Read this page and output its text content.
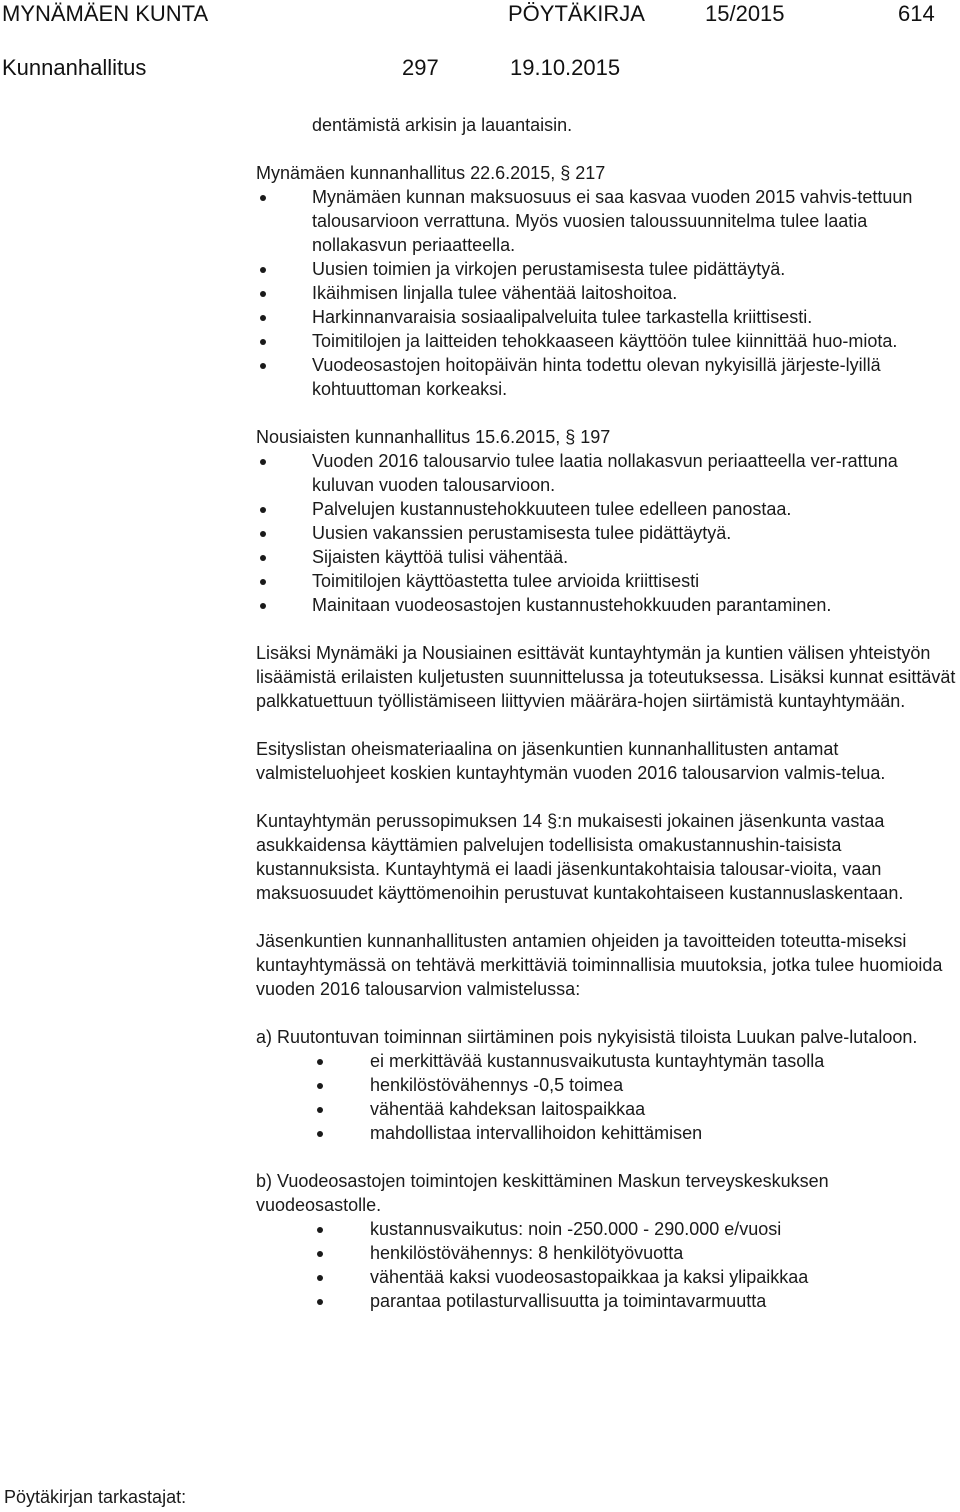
MYNÄMÄEN KUNTA	PÖYTÄKIRJA	15/2015	614
Kunnanhallitus	297	19.10.2015

dentämistä arkisin ja lauantaisin.

Mynämäen kunnanhallitus 22.6.2015, § 217

Mynämäen kunnan maksuosuus ei saa kasvaa vuoden 2015 vahvis-tettuun talousarvioon verrattuna. Myös vuosien taloussuunnitelma tulee laatia nollakasvun periaatteella.
Uusien toimien ja virkojen perustamisesta tulee pidättäytyä.
Ikäihmisen linjalla tulee vähentää laitoshoitoa.
Harkinnanvaraisia sosiaalipalveluita tulee tarkastella kriittisesti.
Toimitilojen ja laitteiden tehokkaaseen käyttöön tulee kiinnittää huo-miota.
Vuodeosastojen hoitopäivän hinta todettu olevan nykyisillä järjeste-lyillä kohtuuttoman korkeaksi.

Nousiaisten kunnanhallitus 15.6.2015, § 197

Vuoden 2016 talousarvio tulee laatia nollakasvun periaatteella ver-rattuna kuluvan vuoden talousarvioon.
Palvelujen kustannustehokkuuteen tulee edelleen panostaa.
Uusien vakanssien perustamisesta tulee pidättäytyä.
Sijaisten käyttöä tulisi vähentää.
Toimitilojen käyttöastetta tulee arvioida kriittisesti
Mainitaan vuodeosastojen kustannustehokkuuden parantaminen.

Lisäksi Mynämäki ja Nousiainen esittävät kuntayhtymän ja kuntien välisen yhteistyön lisäämistä erilaisten kuljetusten suunnittelussa ja toteutuksessa. Lisäksi kunnat esittävät palkkatuettuun työllistämiseen liittyvien määrära-hojen siirtämistä kuntayhtymään.

Esityslistan oheismateriaalina on jäsenkuntien kunnanhallitusten antamat valmisteluohjeet koskien kuntayhtymän vuoden 2016 talousarvion valmis-telua.

Kuntayhtymän perussopimuksen 14 §:n mukaisesti jokainen jäsenkunta vastaa asukkaidensa käyttämien palvelujen todellisista omakustannushin-taisista kustannuksista. Kuntayhtymä ei laadi jäsenkuntakohtaisia talousar-vioita, vaan maksuosuudet käyttömenoihin perustuvat kuntakohtaiseen kustannuslaskentaan.

Jäsenkuntien kunnanhallitusten antamien ohjeiden ja tavoitteiden toteutta-miseksi kuntayhtymässä on tehtävä merkittäviä toiminnallisia muutoksia, jotka tulee huomioida vuoden 2016 talousarvion valmistelussa:

a) Ruutontuvan toiminnan siirtäminen pois nykyisistä tiloista Luukan palve-lutaloon.

ei merkittävää kustannusvaikutusta kuntayhtymän tasolla
henkilöstövähennys -0,5 toimea
vähentää kahdeksan laitospaikkaa
mahdollistaa intervallihoidon kehittämisen

b) Vuodeosastojen toimintojen keskittäminen Maskun terveyskeskuksen vuodeosastolle.

kustannusvaikutus: noin -250.000 - 290.000 e/vuosi
henkilöstövähennys: 8 henkilötyövuotta
vähentää kaksi vuodeosastopaikkaa ja kaksi ylipaikkaa
parantaa potilasturvallisuutta ja toimintavarmuutta
Pöytäkirjan tarkastajat:
